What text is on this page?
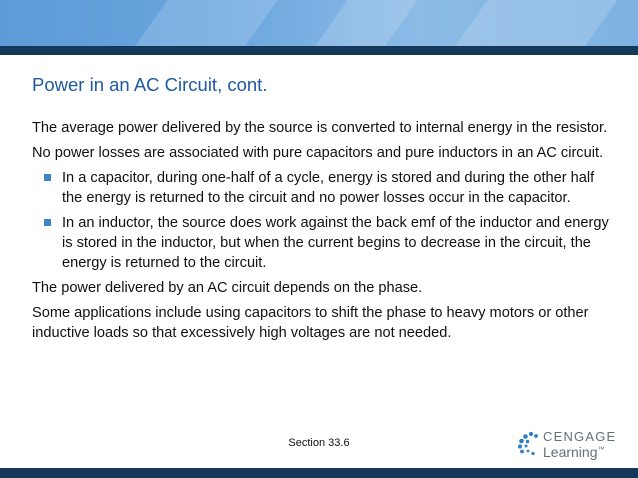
Power in an AC Circuit, cont.

The average power delivered by the source is converted to internal energy in the resistor.

No power losses are associated with pure capacitors and pure inductors in an AC circuit.

In a capacitor, during one-half of a cycle, energy is stored and during the other half the energy is returned to the circuit and no power losses occur in the capacitor.
In an inductor, the source does work against the back emf of the inductor and energy is stored in the inductor, but when the current begins to decrease in the circuit, the energy is returned to the circuit.

The power delivered by an AC circuit depends on the phase.

Some applications include using capacitors to shift the phase to heavy motors or other inductive loads so that excessively high voltages are not needed.

Section 33.6	CENGAGE
Learning™
